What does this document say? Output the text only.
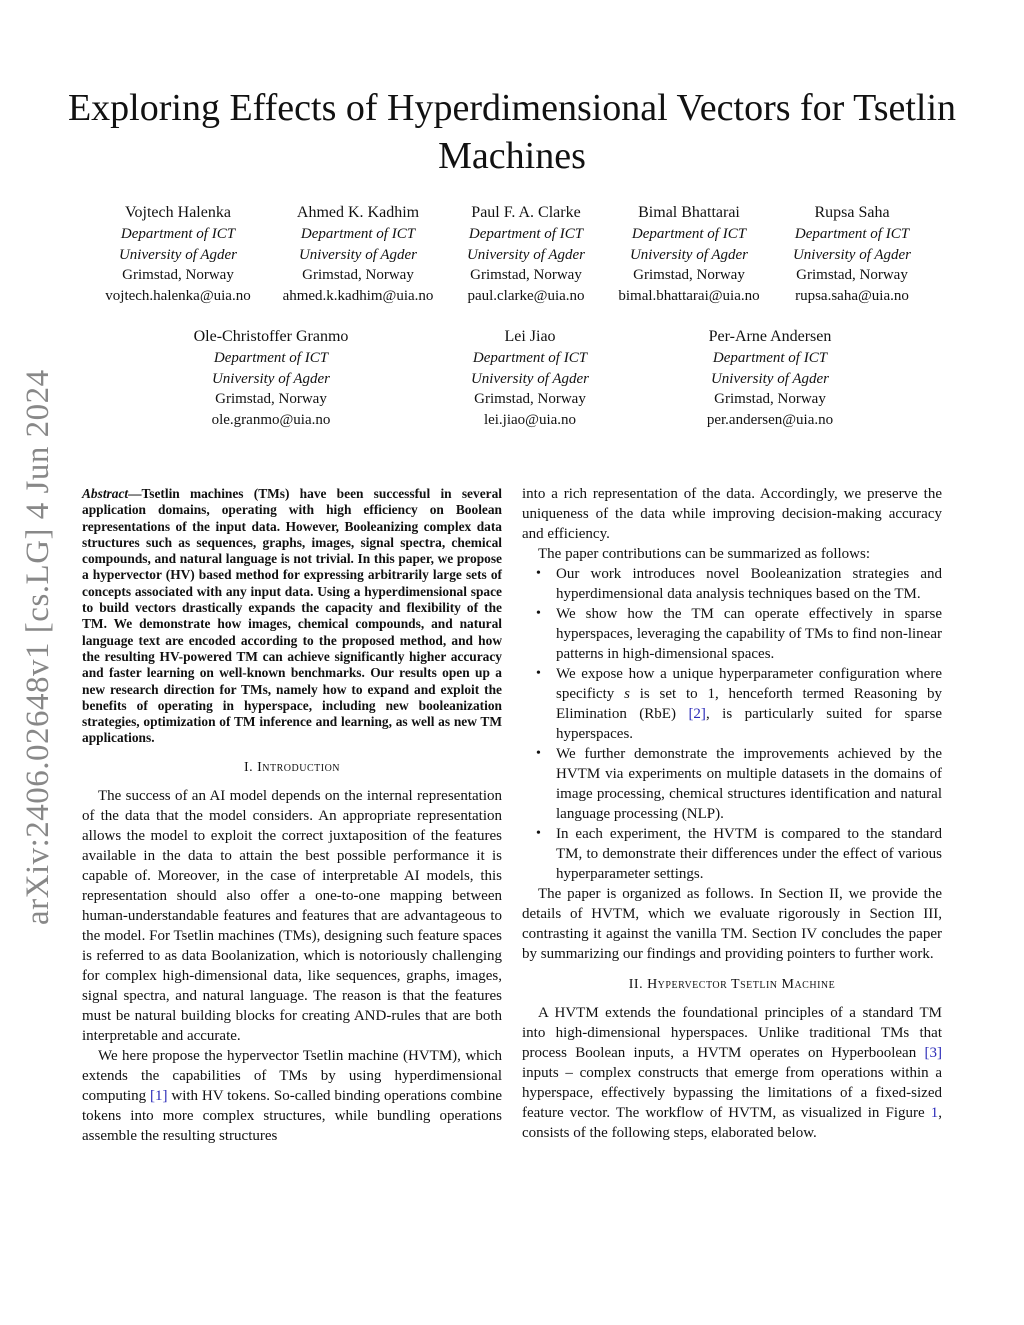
Exploring Effects of Hyperdimensional Vectors for Tsetlin Machines
arXiv:2406.02648v1 [cs.LG] 4 Jun 2024
Vojtech Halenka
Department of ICT
University of Agder
Grimstad, Norway
vojtech.halenka@uia.no
Ahmed K. Kadhim
Department of ICT
University of Agder
Grimstad, Norway
ahmed.k.kadhim@uia.no
Paul F. A. Clarke
Department of ICT
University of Agder
Grimstad, Norway
paul.clarke@uia.no
Bimal Bhattarai
Department of ICT
University of Agder
Grimstad, Norway
bimal.bhattarai@uia.no
Rupsa Saha
Department of ICT
University of Agder
Grimstad, Norway
rupsa.saha@uia.no
Ole-Christoffer Granmo
Department of ICT
University of Agder
Grimstad, Norway
ole.granmo@uia.no
Lei Jiao
Department of ICT
University of Agder
Grimstad, Norway
lei.jiao@uia.no
Per-Arne Andersen
Department of ICT
University of Agder
Grimstad, Norway
per.andersen@uia.no

Abstract—Tsetlin machines (TMs) have been successful in several application domains, operating with high efficiency on Boolean representations of the input data. However, Booleanizing complex data structures such as sequences, graphs, images, signal spectra, chemical compounds, and natural language is not trivial. In this paper, we propose a hypervector (HV) based method for expressing arbitrarily large sets of concepts associated with any input data. Using a hyperdimensional space to build vectors drastically expands the capacity and flexibility of the TM. We demonstrate how images, chemical compounds, and natural language text are encoded according to the proposed method, and how the resulting HV-powered TM can achieve significantly higher accuracy and faster learning on well-known benchmarks. Our results open up a new research direction for TMs, namely how to expand and exploit the benefits of operating in hyperspace, including new booleanization strategies, optimization of TM inference and learning, as well as new TM applications.

I. Introduction

The success of an AI model depends on the internal representation of the data that the model considers. An appropriate representation allows the model to exploit the correct juxtaposition of the features available in the data to attain the best possible performance it is capable of. Moreover, in the case of interpretable AI models, this representation should also offer a one-to-one mapping between human-understandable features and features that are advantageous to the model. For Tsetlin machines (TMs), designing such feature spaces is referred to as data Boolanization, which is notoriously challenging for complex high-dimensional data, like sequences, graphs, images, signal spectra, and natural language. The reason is that the features must be natural building blocks for creating AND-rules that are both interpretable and accurate.

We here propose the hypervector Tsetlin machine (HVTM), which extends the capabilities of TMs by using hyperdimensional computing [1] with HV tokens. So-called binding operations combine tokens into more complex structures, while bundling operations assemble the resulting structures

into a rich representation of the data. Accordingly, we preserve the uniqueness of the data while improving decision-making accuracy and efficiency.

The paper contributions can be summarized as follows:

• Our work introduces novel Booleanization strategies and hyperdimensional data analysis techniques based on the TM.
• We show how the TM can operate effectively in sparse hyperspaces, leveraging the capability of TMs to find non-linear patterns in high-dimensional spaces.
• We expose how a unique hyperparameter configuration where specificty s is set to 1, henceforth termed Reasoning by Elimination (RbE) [2], is particularly suited for sparse hyperspaces.
• We further demonstrate the improvements achieved by the HVTM via experiments on multiple datasets in the domains of image processing, chemical structures identification and natural language processing (NLP).
• In each experiment, the HVTM is compared to the standard TM, to demonstrate their differences under the effect of various hyperparameter settings.

The paper is organized as follows. In Section II, we provide the details of HVTM, which we evaluate rigorously in Section III, contrasting it against the vanilla TM. Section IV concludes the paper by summarizing our findings and providing pointers to further work.

II. Hypervector Tsetlin Machine

A HVTM extends the foundational principles of a standard TM into high-dimensional hyperspaces. Unlike traditional TMs that process Boolean inputs, a HVTM operates on Hyperboolean [3] inputs – complex constructs that emerge from operations within a hyperspace, effectively bypassing the limitations of a fixed-sized feature vector. The workflow of HVTM, as visualized in Figure 1, consists of the following steps, elaborated below.
